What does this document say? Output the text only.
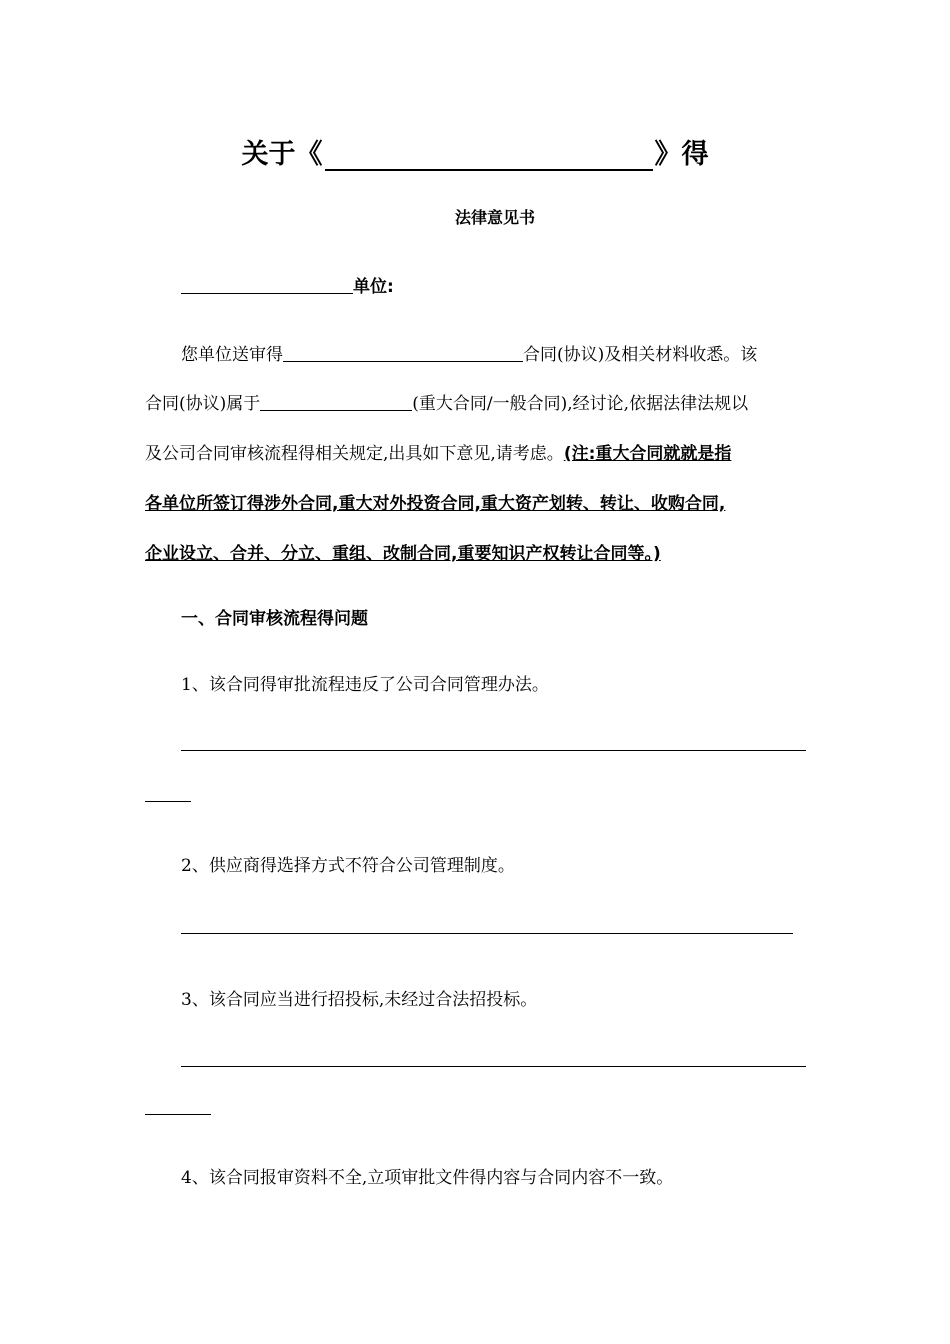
关于《	》得
法律意见书
单位:
您单位送审得	合同(协议)及相关材料收悉。该
合同(协议)属于	(重大合同/一般合同),经讨论,依据法律法规以
及公司合同审核流程得相关规定,出具如下意见,请考虑。(注:重大合同就就是指
各单位所签订得涉外合同,重大对外投资合同,重大资产划转、转让、收购合同,
企业设立、合并、分立、重组、改制合同,重要知识产权转让合同等。)
一、合同审核流程得问题
1、该合同得审批流程违反了公司合同管理办法。
2、供应商得选择方式不符合公司管理制度。
3、该合同应当进行招投标,未经过合法招投标。
4、该合同报审资料不全,立项审批文件得内容与合同内容不一致。
